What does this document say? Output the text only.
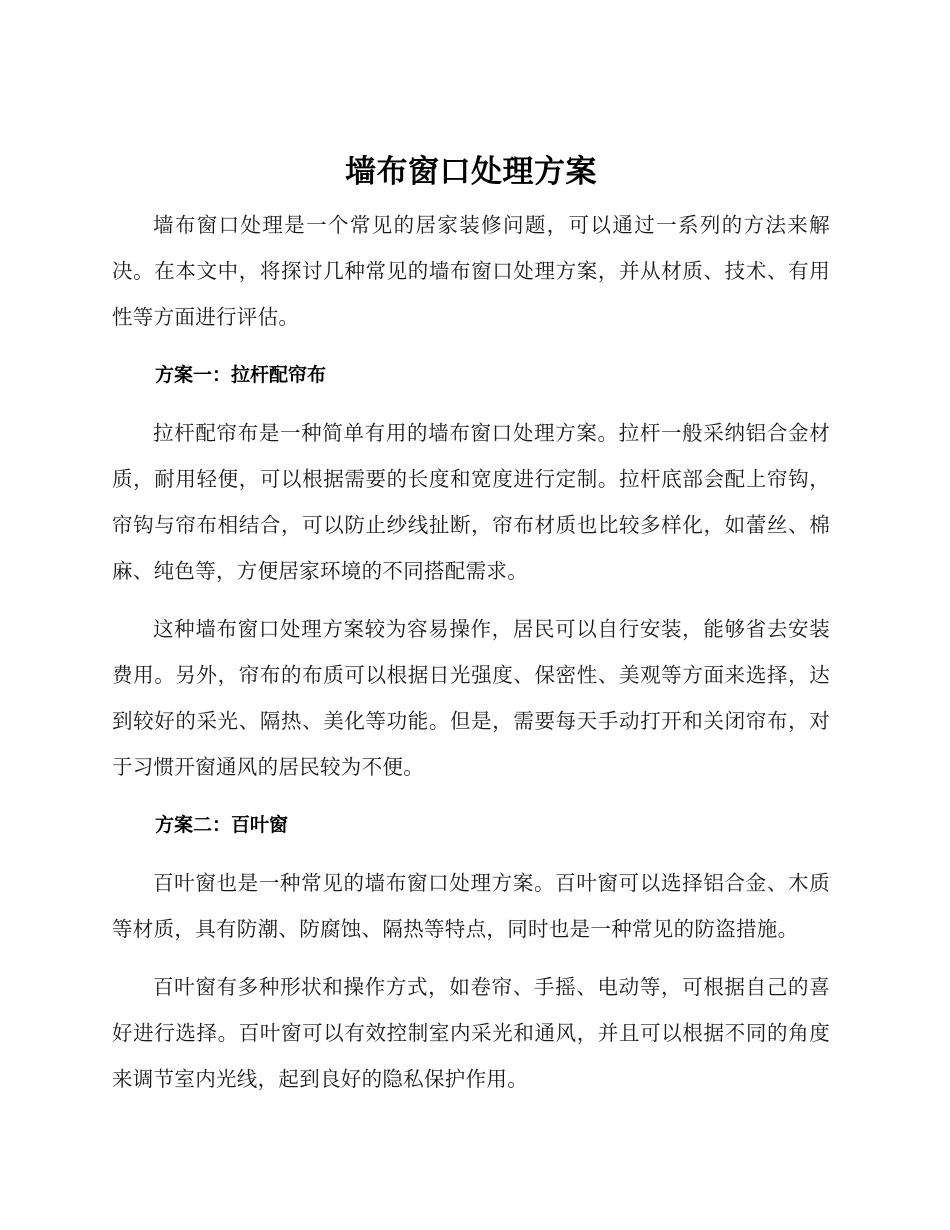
墙布窗口处理方案

墙布窗口处理是一个常见的居家装修问题，可以通过一系列的方法来解决。在本文中，将探讨几种常见的墙布窗口处理方案，并从材质、技术、有用性等方面进行评估。

方案一：拉杆配帘布

拉杆配帘布是一种简单有用的墙布窗口处理方案。拉杆一般采纳铝合金材质，耐用轻便，可以根据需要的长度和宽度进行定制。拉杆底部会配上帘钩，帘钩与帘布相结合，可以防止纱线扯断，帘布材质也比较多样化，如蕾丝、棉麻、纯色等，方便居家环境的不同搭配需求。

这种墙布窗口处理方案较为容易操作，居民可以自行安装，能够省去安装费用。另外，帘布的布质可以根据日光强度、保密性、美观等方面来选择，达到较好的采光、隔热、美化等功能。但是，需要每天手动打开和关闭帘布，对于习惯开窗通风的居民较为不便。

方案二：百叶窗

百叶窗也是一种常见的墙布窗口处理方案。百叶窗可以选择铝合金、木质等材质，具有防潮、防腐蚀、隔热等特点，同时也是一种常见的防盗措施。

百叶窗有多种形状和操作方式，如卷帘、手摇、电动等，可根据自己的喜好进行选择。百叶窗可以有效控制室内采光和通风，并且可以根据不同的角度来调节室内光线，起到良好的隐私保护作用。
